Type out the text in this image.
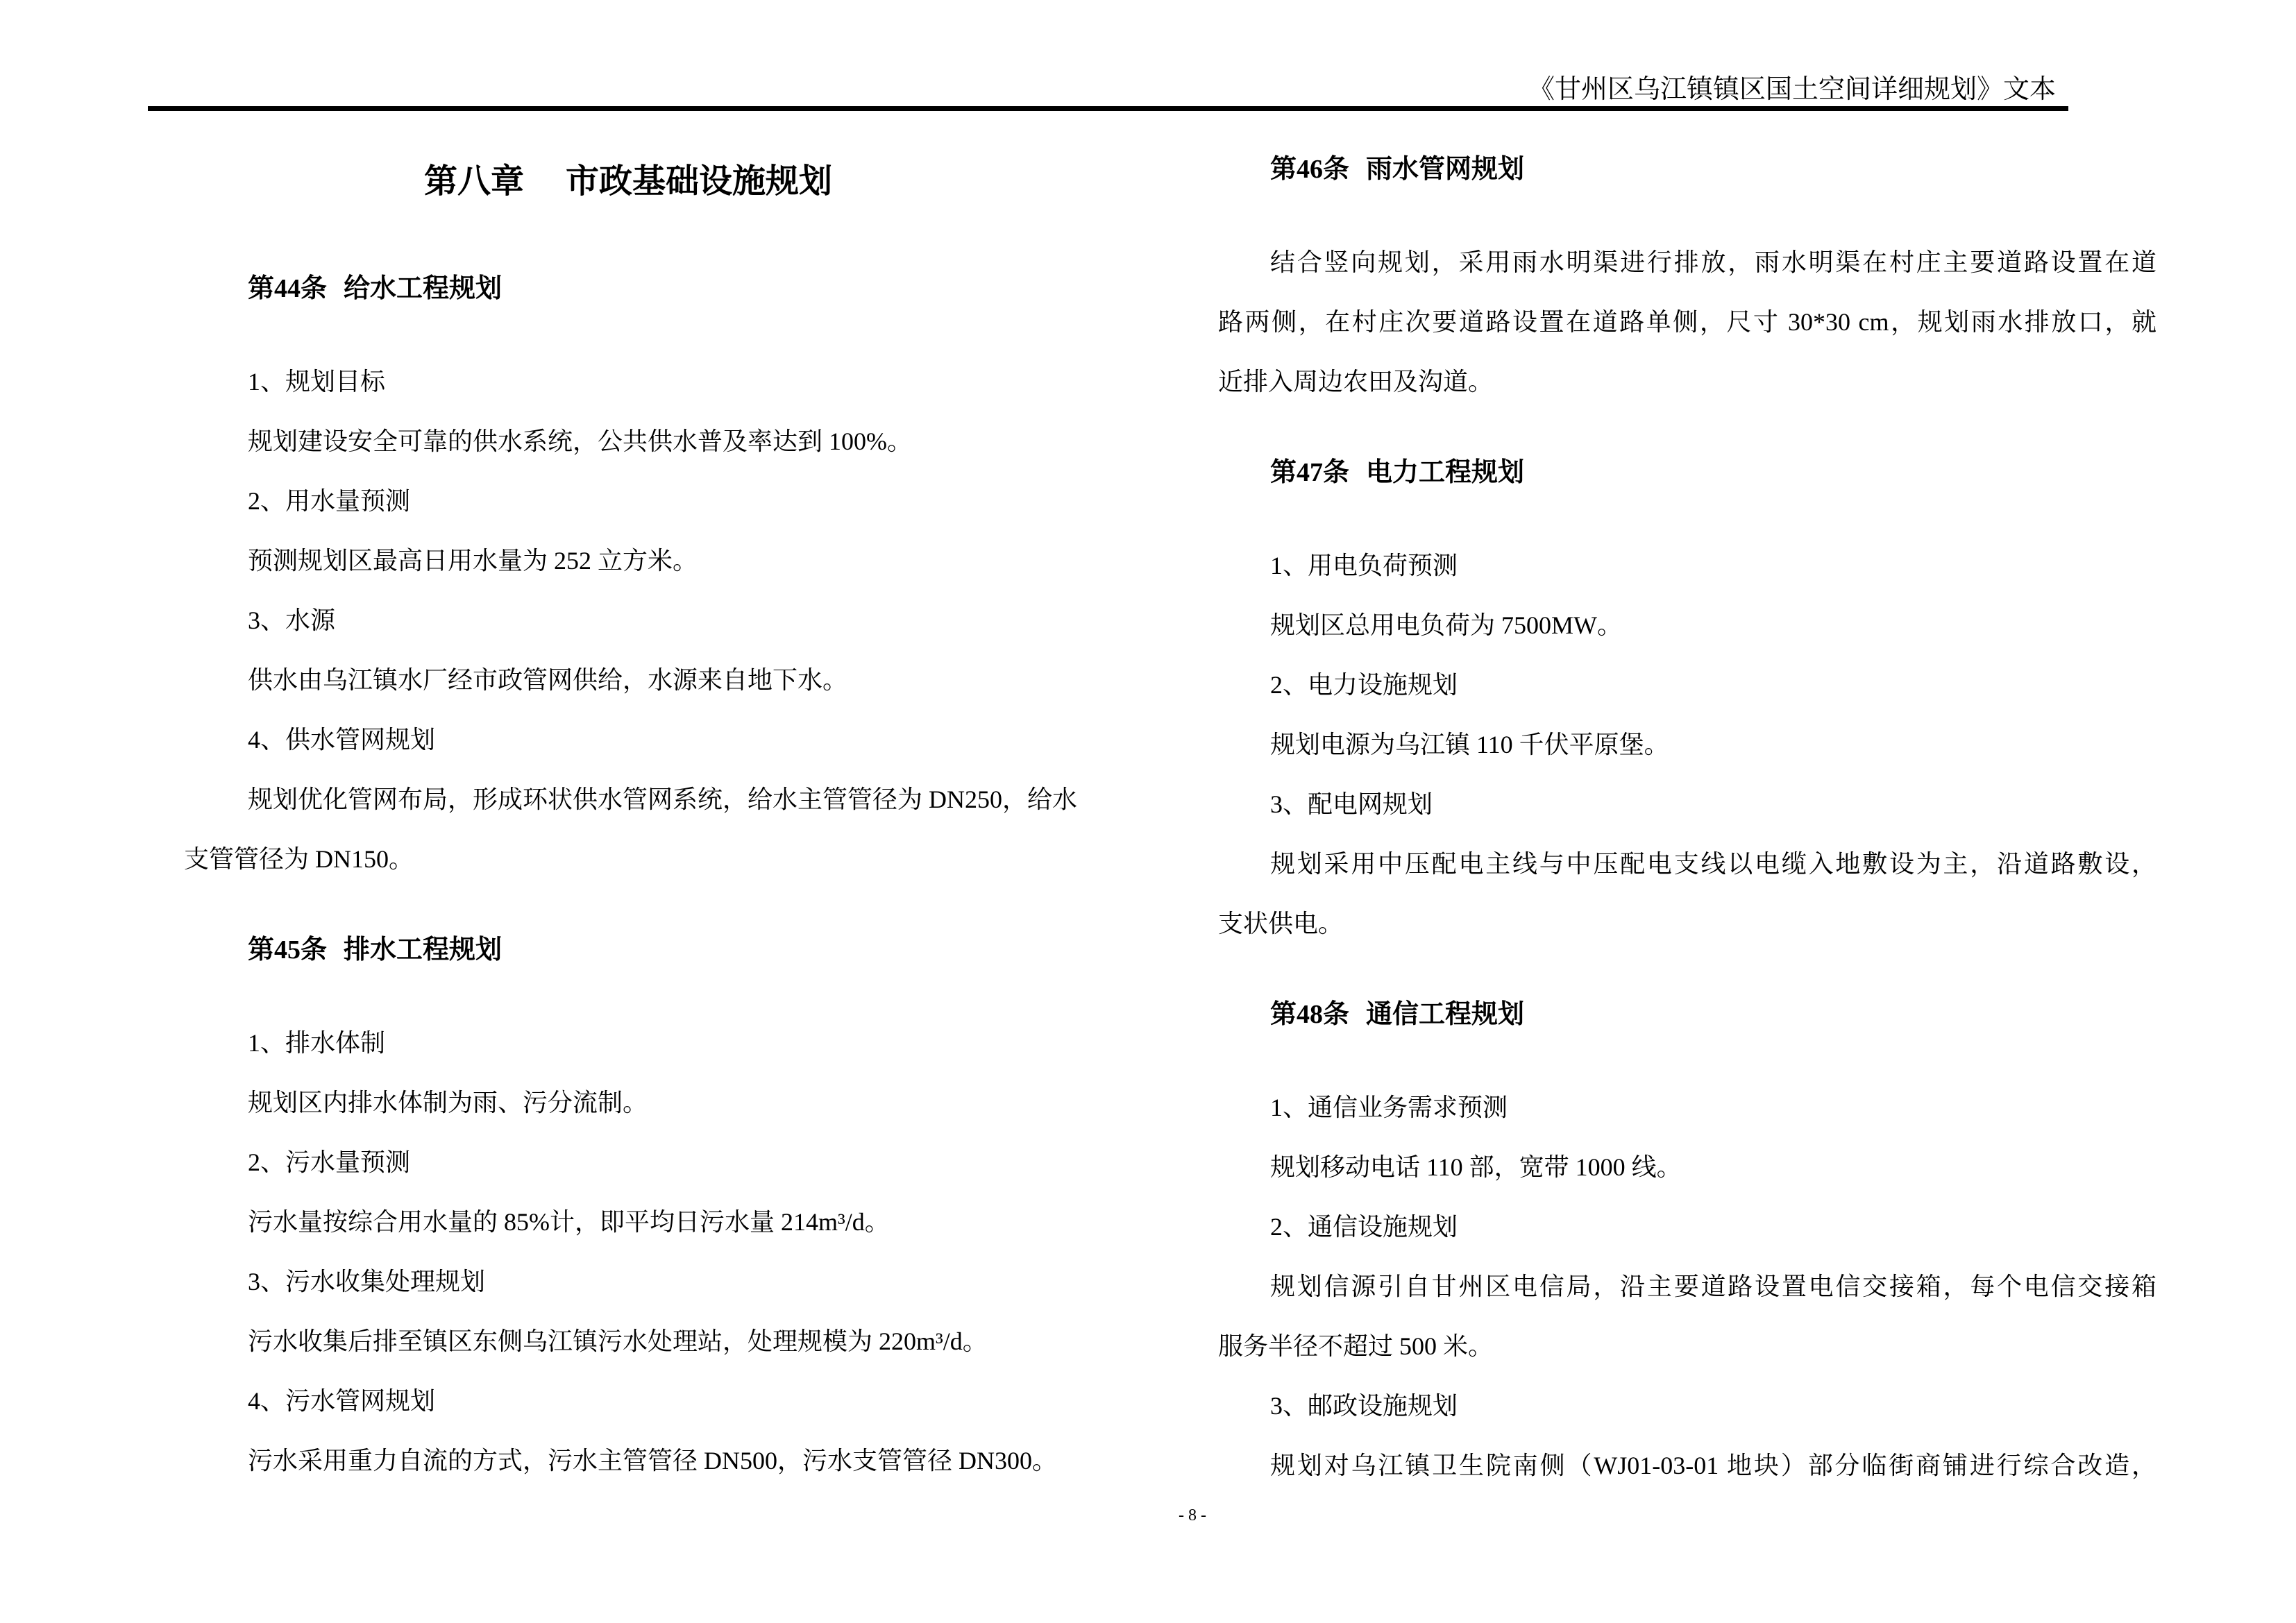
《甘州区乌江镇镇区国土空间详细规划》文本
第八章 市政基础设施规划
第44条 给水工程规划
1、规划目标
规划建设安全可靠的供水系统，公共供水普及率达到 100%。
2、用水量预测
预测规划区最高日用水量为 252 立方米。
3、水源
供水由乌江镇水厂经市政管网供给，水源来自地下水。
4、供水管网规划
规划优化管网布局，形成环状供水管网系统，给水主管管径为 DN250，给水
支管管径为 DN150。
第45条 排水工程规划
1、排水体制
规划区内排水体制为雨、污分流制。
2、污水量预测
污水量按综合用水量的 85%计，即平均日污水量 214m³/d。
3、污水收集处理规划
污水收集后排至镇区东侧乌江镇污水处理站，处理规模为 220m³/d。
4、污水管网规划
污水采用重力自流的方式，污水主管管径 DN500，污水支管管径 DN300。
第46条 雨水管网规划
结合竖向规划，采用雨水明渠进行排放，雨水明渠在村庄主要道路设置在道
路两侧，在村庄次要道路设置在道路单侧，尺寸 30*30 cm，规划雨水排放口，就
近排入周边农田及沟道。
第47条 电力工程规划
1、用电负荷预测
规划区总用电负荷为 7500MW。
2、电力设施规划
规划电源为乌江镇 110 千伏平原堡。
3、配电网规划
规划采用中压配电主线与中压配电支线以电缆入地敷设为主，沿道路敷设，
支状供电。
第48条 通信工程规划
1、通信业务需求预测
规划移动电话 110 部，宽带 1000 线。
2、通信设施规划
规划信源引自甘州区电信局，沿主要道路设置电信交接箱，每个电信交接箱
服务半径不超过 500 米。
3、邮政设施规划
规划对乌江镇卫生院南侧（WJ01-03-01 地块）部分临街商铺进行综合改造，
- 8 -
